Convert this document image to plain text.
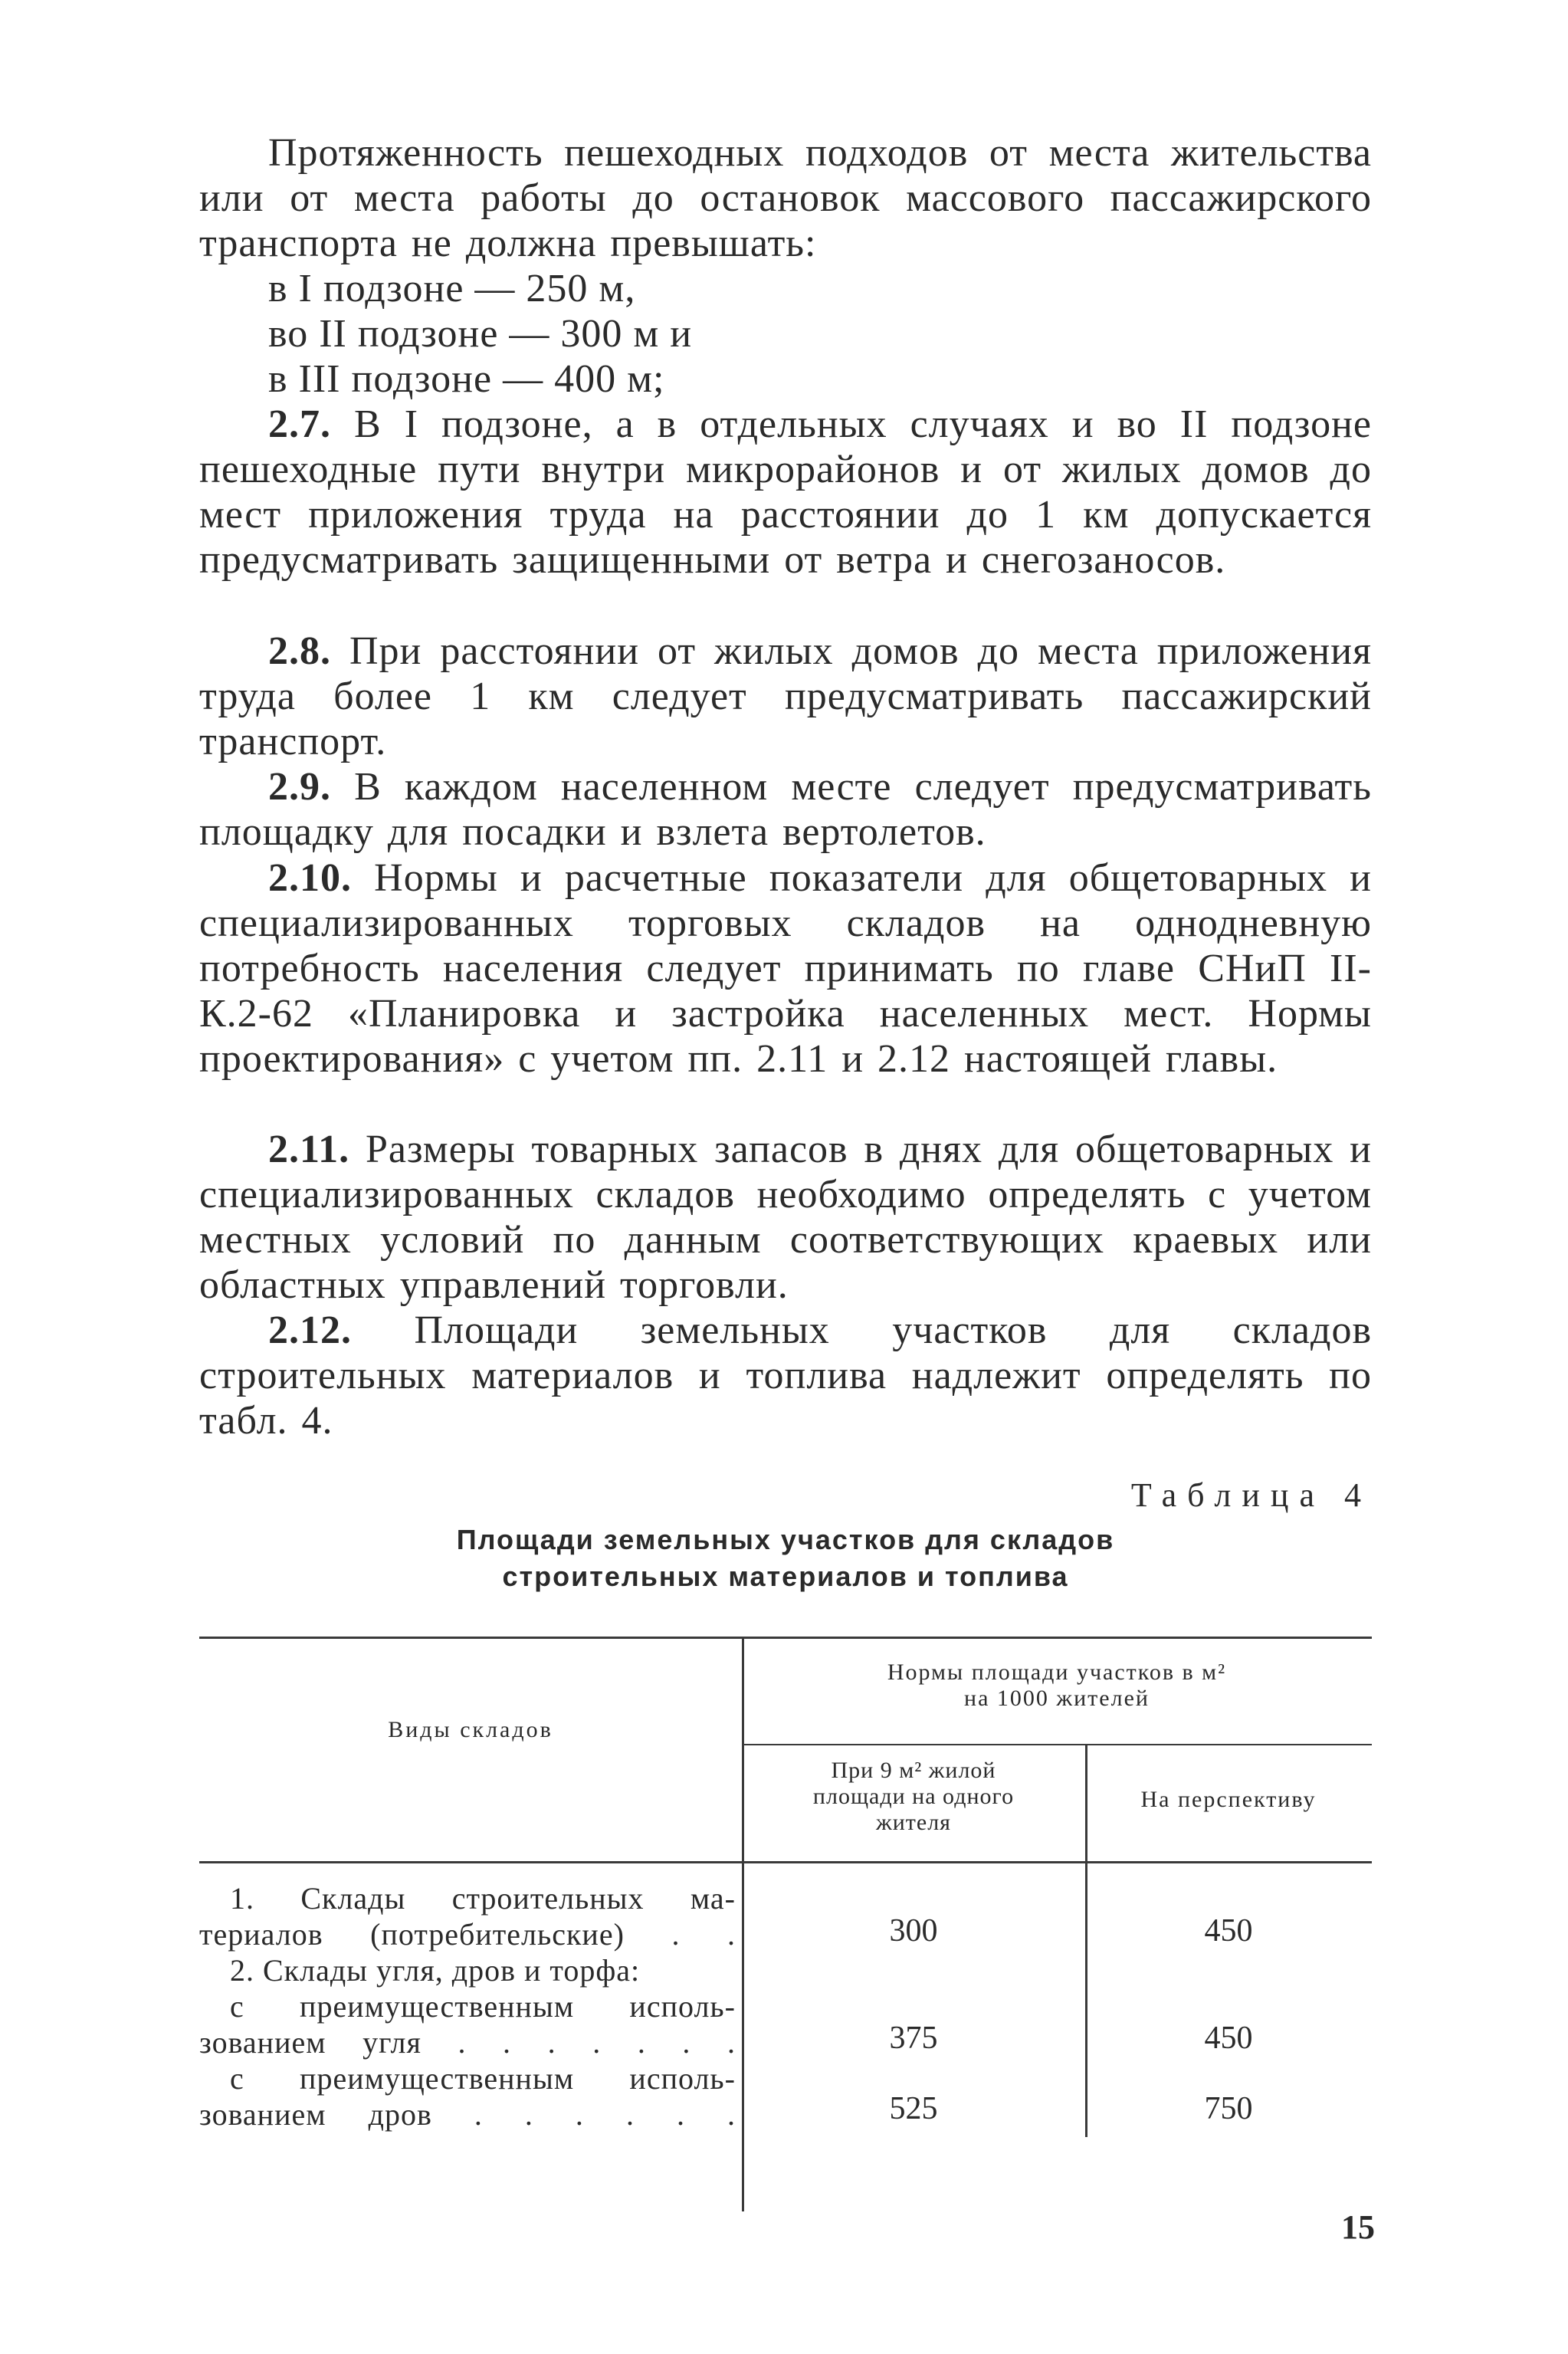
Протяженность пешеходных подходов от места жительства или от места работы до остановок массового пассажирского транспорта не должна превышать:

в I подзоне — 250 м,
во II подзоне — 300 м и
в III подзоне — 400 м;

2.7. В I подзоне, а в отдельных случаях и во II подзоне пешеходные пути внутри микрорайонов и от жилых домов до мест приложения труда на расстоянии до 1 км допускается предусматривать защищенными от ветра и снегозаносов.

2.8. При расстоянии от жилых домов до места приложения труда более 1 км следует предусматривать пассажирский транспорт.

2.9. В каждом населенном месте следует предусматривать площадку для посадки и взлета вертолетов.

2.10. Нормы и расчетные показатели для общетоварных и специализированных торговых складов на однодневную потребность населения следует принимать по главе СНиП II-К.2-62 «Планировка и застройка населенных мест. Нормы проектирования» с учетом пп. 2.11 и 2.12 настоящей главы.

2.11. Размеры товарных запасов в днях для общетоварных и специализированных складов необходимо определять с учетом местных условий по данным соответствующих краевых или областных управлений торговли.

2.12. Площади земельных участков для складов строительных материалов и топлива надлежит определять по табл. 4.

Таблица 4
Площади земельных участков для складов
строительных материалов и топлива
Виды складов
Нормы площади участков в м²
на 1000 жителей
При 9 м² жилой
площади на одного
жителя
На перспективу
1. Склады строительных ма-
териалов (потребительские) . .	300	450
2. Склады угля, дров и торфа:
с преимущественным исполь-
зованием угля . . . . . . .	375	450
с преимущественным исполь-
зованием дров . . . . . .	525	750
15
